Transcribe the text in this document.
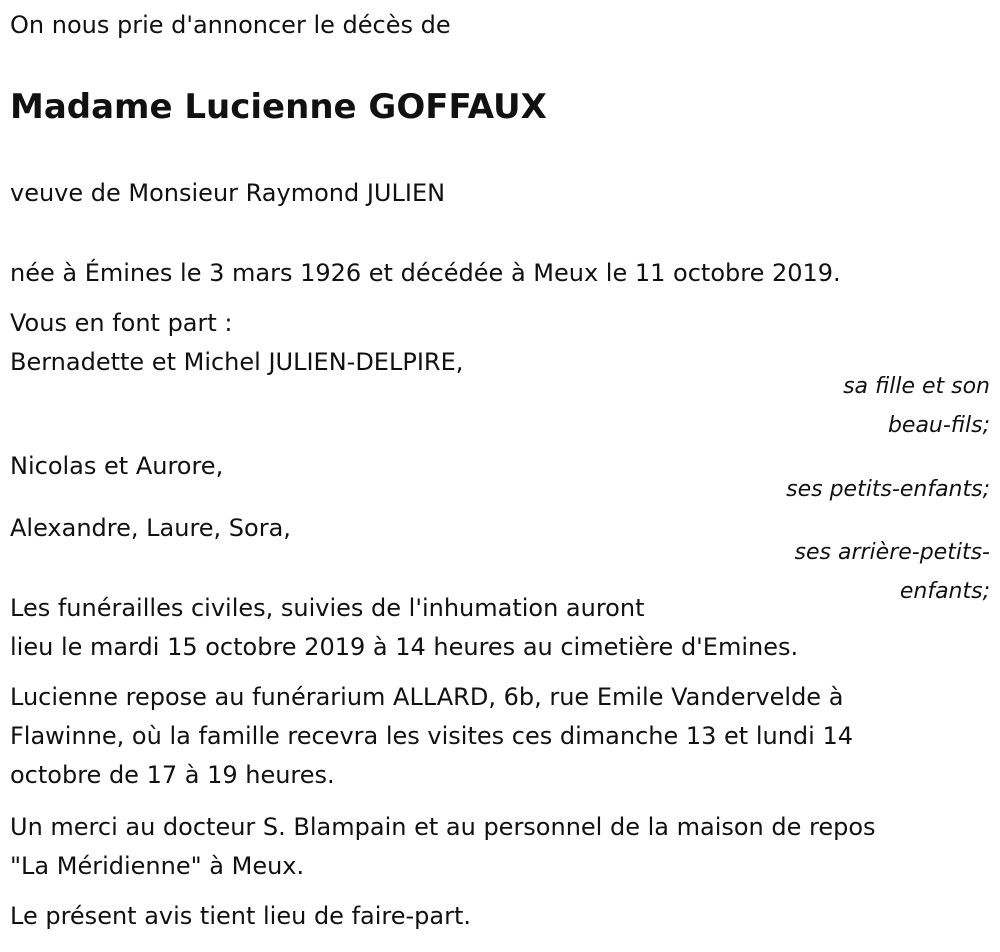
On nous prie d'annoncer le décès de

Madame Lucienne GOFFAUX

veuve de Monsieur Raymond JULIEN

née à Émines le 3 mars 1926 et décédée à Meux le 11 octobre 2019.

Vous en font part :

Bernadette et Michel JULIEN-DELPIRE,

sa fille et son
beau-fils;

Nicolas et Aurore,

ses petits-enfants;

Alexandre, Laure, Sora,

ses arrière-petits-
enfants;

Les funérailles civiles, suivies de l'inhumation auront

lieu le mardi 15 octobre 2019 à 14 heures au cimetière d'Emines.

Lucienne repose au funérarium ALLARD, 6b, rue Emile Vandervelde à

Flawinne, où la famille recevra les visites ces dimanche 13 et lundi 14

octobre de 17 à 19 heures.

Un merci au docteur S. Blampain et au personnel de la maison de repos

"La Méridienne" à Meux.

Le présent avis tient lieu de faire-part.
